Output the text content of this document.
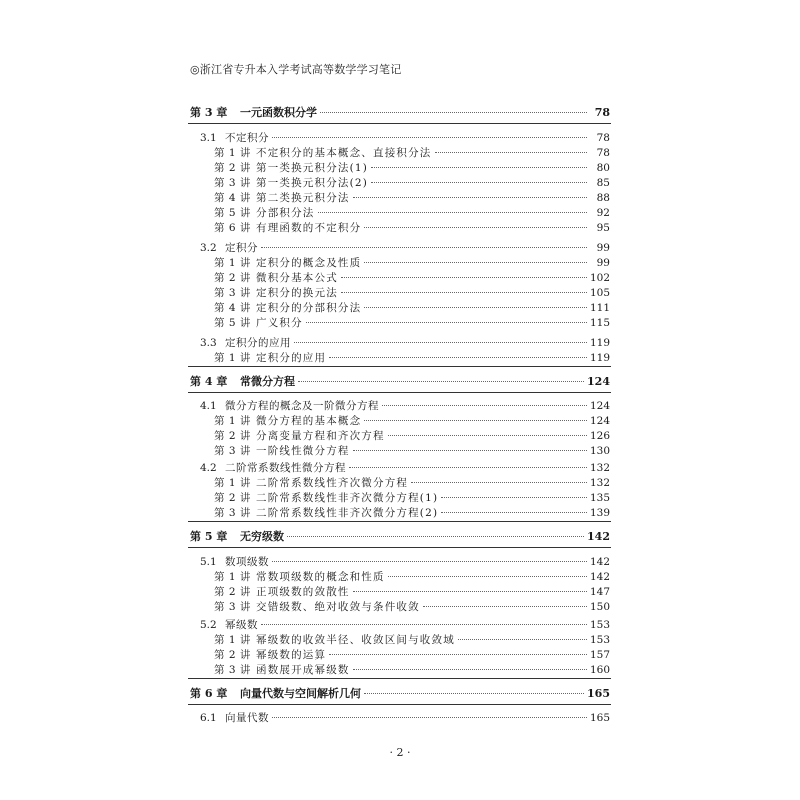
◎浙江省专升本入学考试高等数学学习笔记
第 3 章	一元函数积分学	78
3.1 不定积分	78
第 1 讲 不定积分的基本概念、直接积分法	78
第 2 讲 第一类换元积分法(1)	80
第 3 讲 第一类换元积分法(2)	85
第 4 讲 第二类换元积分法	88
第 5 讲 分部积分法	92
第 6 讲 有理函数的不定积分	95
3.2 定积分	99
第 1 讲 定积分的概念及性质	99
第 2 讲 微积分基本公式	102
第 3 讲 定积分的换元法	105
第 4 讲 定积分的分部积分法	111
第 5 讲 广义积分	115
3.3 定积分的应用	119
第 1 讲 定积分的应用	119
第 4 章	常微分方程	124
4.1 微分方程的概念及一阶微分方程	124
第 1 讲 微分方程的基本概念	124
第 2 讲 分离变量方程和齐次方程	126
第 3 讲 一阶线性微分方程	130
4.2 二阶常系数线性微分方程	132
第 1 讲 二阶常系数线性齐次微分方程	132
第 2 讲 二阶常系数线性非齐次微分方程(1)	135
第 3 讲 二阶常系数线性非齐次微分方程(2)	139
第 5 章	无穷级数	142
5.1 数项级数	142
第 1 讲 常数项级数的概念和性质	142
第 2 讲 正项级数的敛散性	147
第 3 讲 交错级数、绝对收敛与条件收敛	150
5.2 幂级数	153
第 1 讲 幂级数的收敛半径、收敛区间与收敛域	153
第 2 讲 幂级数的运算	157
第 3 讲 函数展开成幂级数	160
第 6 章	向量代数与空间解析几何	165
6.1 向量代数	165
· 2 ·
